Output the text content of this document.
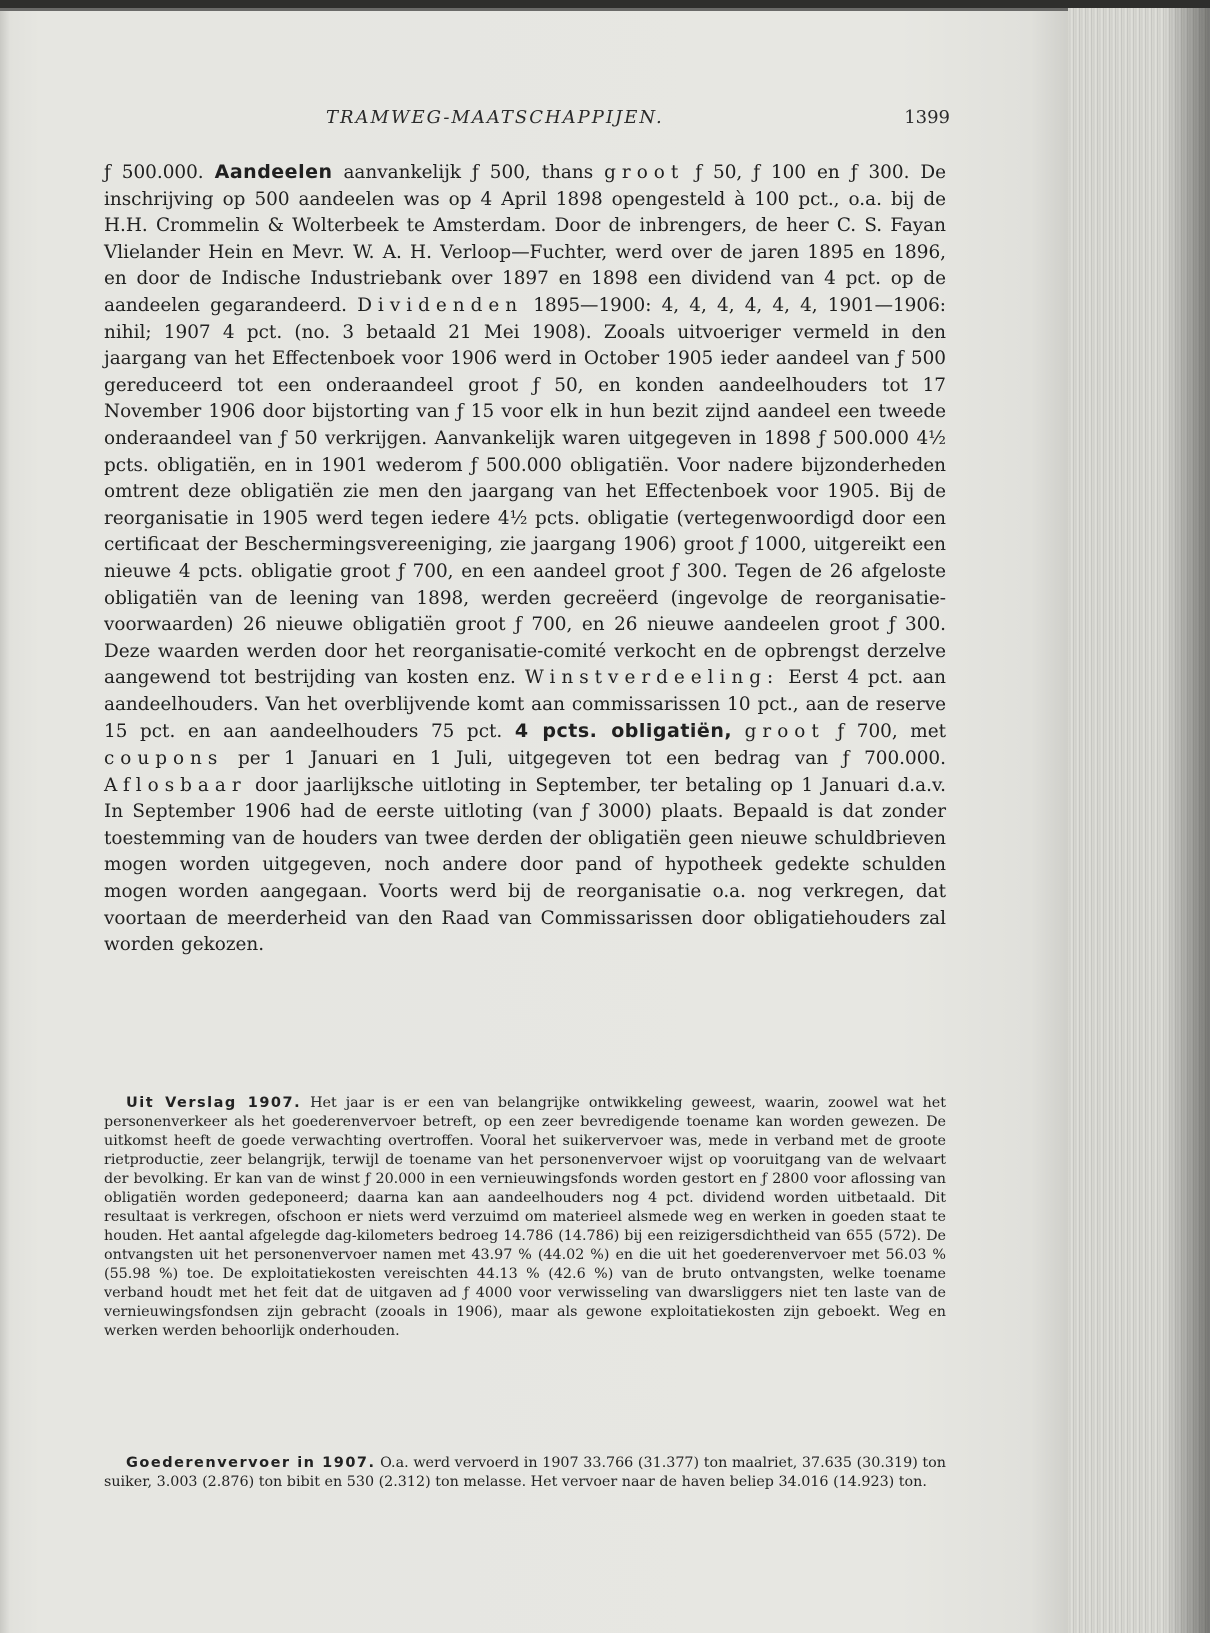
TRAMWEG-MAATSCHAPPIJEN.	1399
ƒ 500.000. Aandeelen aanvankelijk ƒ 500, thans groot ƒ 50, ƒ 100 en ƒ 300. De inschrijving op 500 aandeelen was op 4 April 1898 opengesteld à 100 pct., o.a. bij de H.H. Crommelin & Wolterbeek te Amsterdam. Door de inbrengers, de heer C. S. Fayan Vlielander Hein en Mevr. W. A. H. Verloop—Fuchter, werd over de jaren 1895 en 1896, en door de Indische Industriebank over 1897 en 1898 een dividend van 4 pct. op de aandeelen gegarandeerd. Dividenden 1895—1900: 4, 4, 4, 4, 4, 4, 1901—1906: nihil; 1907 4 pct. (no. 3 betaald 21 Mei 1908). Zooals uitvoeriger vermeld in den jaargang van het Effectenboek voor 1906 werd in October 1905 ieder aandeel van ƒ 500 gereduceerd tot een onderaandeel groot ƒ 50, en konden aandeelhouders tot 17 November 1906 door bijstorting van ƒ 15 voor elk in hun bezit zijnd aandeel een tweede onderaandeel van ƒ 50 verkrijgen. Aanvankelijk waren uitgegeven in 1898 ƒ 500.000 4½ pcts. obligatiën, en in 1901 wederom ƒ 500.000 obligatiën. Voor nadere bijzonderheden omtrent deze obligatiën zie men den jaargang van het Effectenboek voor 1905. Bij de reorganisatie in 1905 werd tegen iedere 4½ pcts. obligatie (vertegenwoordigd door een certificaat der Beschermingsvereeniging, zie jaargang 1906) groot ƒ 1000, uitgereikt een nieuwe 4 pcts. obligatie groot ƒ 700, en een aandeel groot ƒ 300. Tegen de 26 afgeloste obligatiën van de leening van 1898, werden gecreëerd (ingevolge de reorganisatie-voorwaarden) 26 nieuwe obligatiën groot ƒ 700, en 26 nieuwe aandeelen groot ƒ 300. Deze waarden werden door het reorganisatie-comité verkocht en de opbrengst derzelve aangewend tot bestrijding van kosten enz. Winstverdeeling: Eerst 4 pct. aan aandeelhouders. Van het overblijvende komt aan commissarissen 10 pct., aan de reserve 15 pct. en aan aandeelhouders 75 pct. 4 pcts. obligatiën, groot ƒ 700, met coupons per 1 Januari en 1 Juli, uitgegeven tot een bedrag van ƒ 700.000. Aflosbaar door jaarlijksche uitloting in September, ter betaling op 1 Januari d.a.v. In September 1906 had de eerste uitloting (van ƒ 3000) plaats. Bepaald is dat zonder toestemming van de houders van twee derden der obligatiën geen nieuwe schuldbrieven mogen worden uitgegeven, noch andere door pand of hypotheek gedekte schulden mogen worden aangegaan. Voorts werd bij de reorganisatie o.a. nog verkregen, dat voortaan de meerderheid van den Raad van Commissarissen door obligatiehouders zal worden gekozen.
Uit Verslag 1907. Het jaar is er een van belangrijke ontwikkeling geweest, waarin, zoowel wat het personenverkeer als het goederenvervoer betreft, op een zeer bevredigende toename kan worden gewezen. De uitkomst heeft de goede verwachting overtroffen. Vooral het suikervervoer was, mede in verband met de groote rietproductie, zeer belangrijk, terwijl de toename van het personenvervoer wijst op vooruitgang van de welvaart der bevolking. Er kan van de winst ƒ 20.000 in een vernieuwingsfonds worden gestort en ƒ 2800 voor aflossing van obligatiën worden gedeponeerd; daarna kan aan aandeelhouders nog 4 pct. dividend worden uitbetaald. Dit resultaat is verkregen, ofschoon er niets werd verzuimd om materieel alsmede weg en werken in goeden staat te houden. Het aantal afgelegde dag-kilometers bedroeg 14.786 (14.786) bij een reizigersdichtheid van 655 (572). De ontvangsten uit het personenvervoer namen met 43.97 % (44.02 %) en die uit het goederenvervoer met 56.03 % (55.98 %) toe. De exploitatiekosten vereischten 44.13 % (42.6 %) van de bruto ontvangsten, welke toename verband houdt met het feit dat de uitgaven ad ƒ 4000 voor verwisseling van dwarsliggers niet ten laste van de vernieuwingsfondsen zijn gebracht (zooals in 1906), maar als gewone exploitatiekosten zijn geboekt. Weg en werken werden behoorlijk onderhouden.
Goederenvervoer in 1907. O.a. werd vervoerd in 1907 33.766 (31.377) ton maalriet, 37.635 (30.319) ton suiker, 3.003 (2.876) ton bibit en 530 (2.312) ton melasse. Het vervoer naar de haven beliep 34.016 (14.923) ton.
